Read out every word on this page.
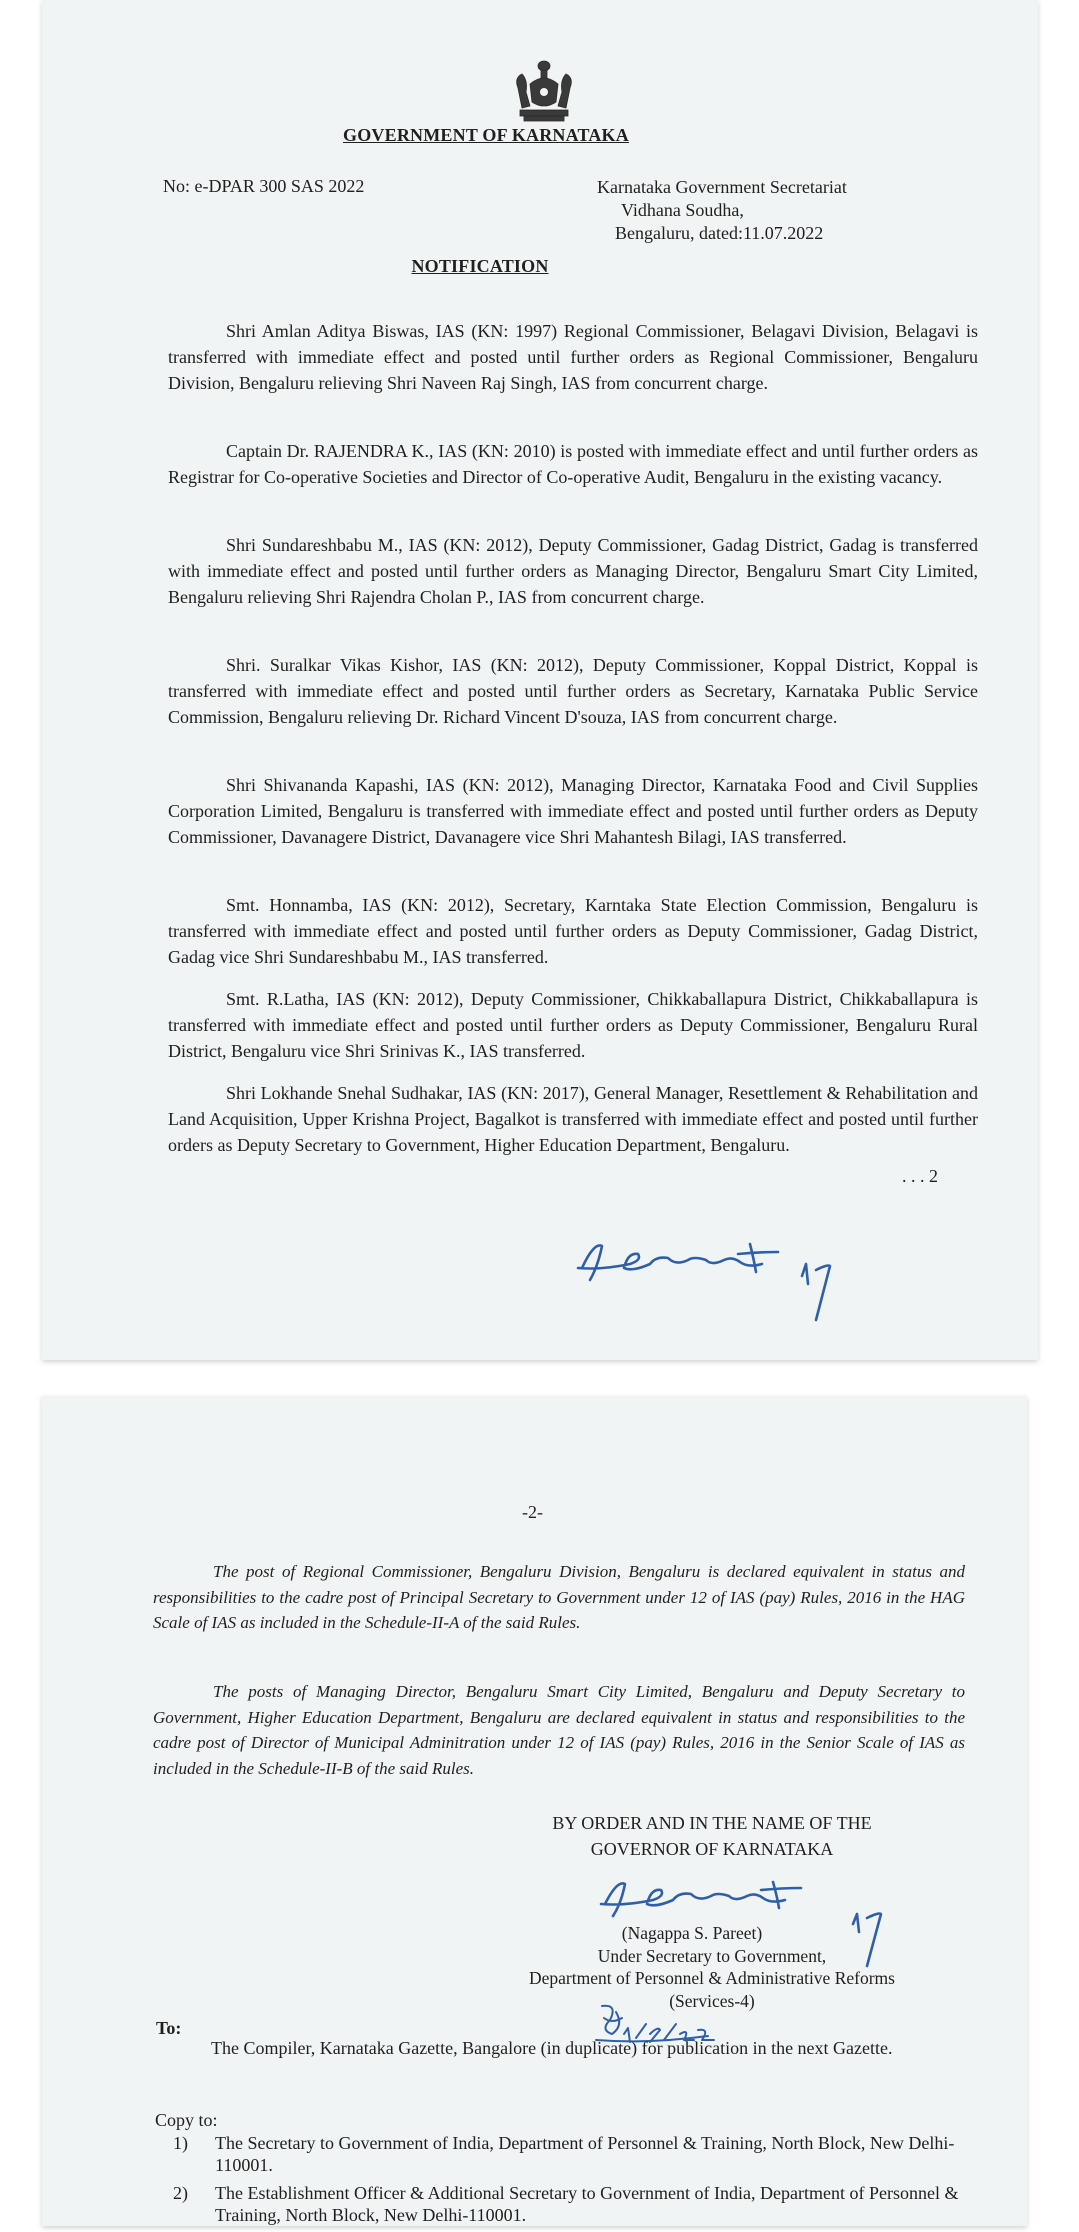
GOVERNMENT OF KARNATAKA
No: e-DPAR 300 SAS 2022	Karnataka Government Secretariat
Vidhana Soudha,
Bengaluru, dated:11.07.2022
NOTIFICATION

Shri Amlan Aditya Biswas, IAS (KN: 1997) Regional Commissioner, Belagavi Division, Belagavi is transferred with immediate effect and posted until further orders as Regional Commissioner, Bengaluru Division, Bengaluru relieving Shri Naveen Raj Singh, IAS from concurrent charge.

Captain Dr. RAJENDRA K., IAS (KN: 2010) is posted with immediate effect and until further orders as Registrar for Co-operative Societies and Director of Co-operative Audit, Bengaluru in the existing vacancy.

Shri Sundareshbabu M., IAS (KN: 2012), Deputy Commissioner, Gadag District, Gadag is transferred with immediate effect and posted until further orders as Managing Director, Bengaluru Smart City Limited, Bengaluru relieving Shri Rajendra Cholan P., IAS from concurrent charge.

Shri. Suralkar Vikas Kishor, IAS (KN: 2012), Deputy Commissioner, Koppal District, Koppal is transferred with immediate effect and posted until further orders as Secretary, Karnataka Public Service Commission, Bengaluru relieving Dr. Richard Vincent D'souza, IAS from concurrent charge.

Shri Shivananda Kapashi, IAS (KN: 2012), Managing Director, Karnataka Food and Civil Supplies Corporation Limited, Bengaluru is transferred with immediate effect and posted until further orders as Deputy Commissioner, Davanagere District, Davanagere vice Shri Mahantesh Bilagi, IAS transferred.

Smt. Honnamba, IAS (KN: 2012), Secretary, Karntaka State Election Commission, Bengaluru is transferred with immediate effect and posted until further orders as Deputy Commissioner, Gadag District, Gadag vice Shri Sundareshbabu M., IAS transferred.

Smt. R.Latha, IAS (KN: 2012), Deputy Commissioner, Chikkaballapura District, Chikkaballapura is transferred with immediate effect and posted until further orders as Deputy Commissioner, Bengaluru Rural District, Bengaluru vice Shri Srinivas K., IAS transferred.

Shri Lokhande Snehal Sudhakar, IAS (KN: 2017), General Manager, Resettlement & Rehabilitation and Land Acquisition, Upper Krishna Project, Bagalkot is transferred with immediate effect and posted until further orders as Deputy Secretary to Government, Higher Education Department, Bengaluru.

. . . 2
-2-

The post of Regional Commissioner, Bengaluru Division, Bengaluru is declared equivalent in status and responsibilities to the cadre post of Principal Secretary to Government under 12 of IAS (pay) Rules, 2016 in the HAG Scale of IAS as included in the Schedule-II-A of the said Rules.

The posts of Managing Director, Bengaluru Smart City Limited, Bengaluru and Deputy Secretary to Government, Higher Education Department, Bengaluru are declared equivalent in status and responsibilities to the cadre post of Director of Municipal Adminitration under 12 of IAS (pay) Rules, 2016 in the Senior Scale of IAS as included in the Schedule-II-B of the said Rules.

BY ORDER AND IN THE NAME OF THE
GOVERNOR OF KARNATAKA
(Nagappa S. Pareet)
Under Secretary to Government,
Department of Personnel & Administrative Reforms
(Services-4)
To:

The Compiler, Karnataka Gazette, Bangalore (in duplicate) for publication in the next Gazette.

Copy to:
1) The Secretary to Government of India, Department of Personnel & Training, North Block, New Delhi-110001.
2) The Establishment Officer & Additional Secretary to Government of India, Department of Personnel & Training, North Block, New Delhi-110001.
